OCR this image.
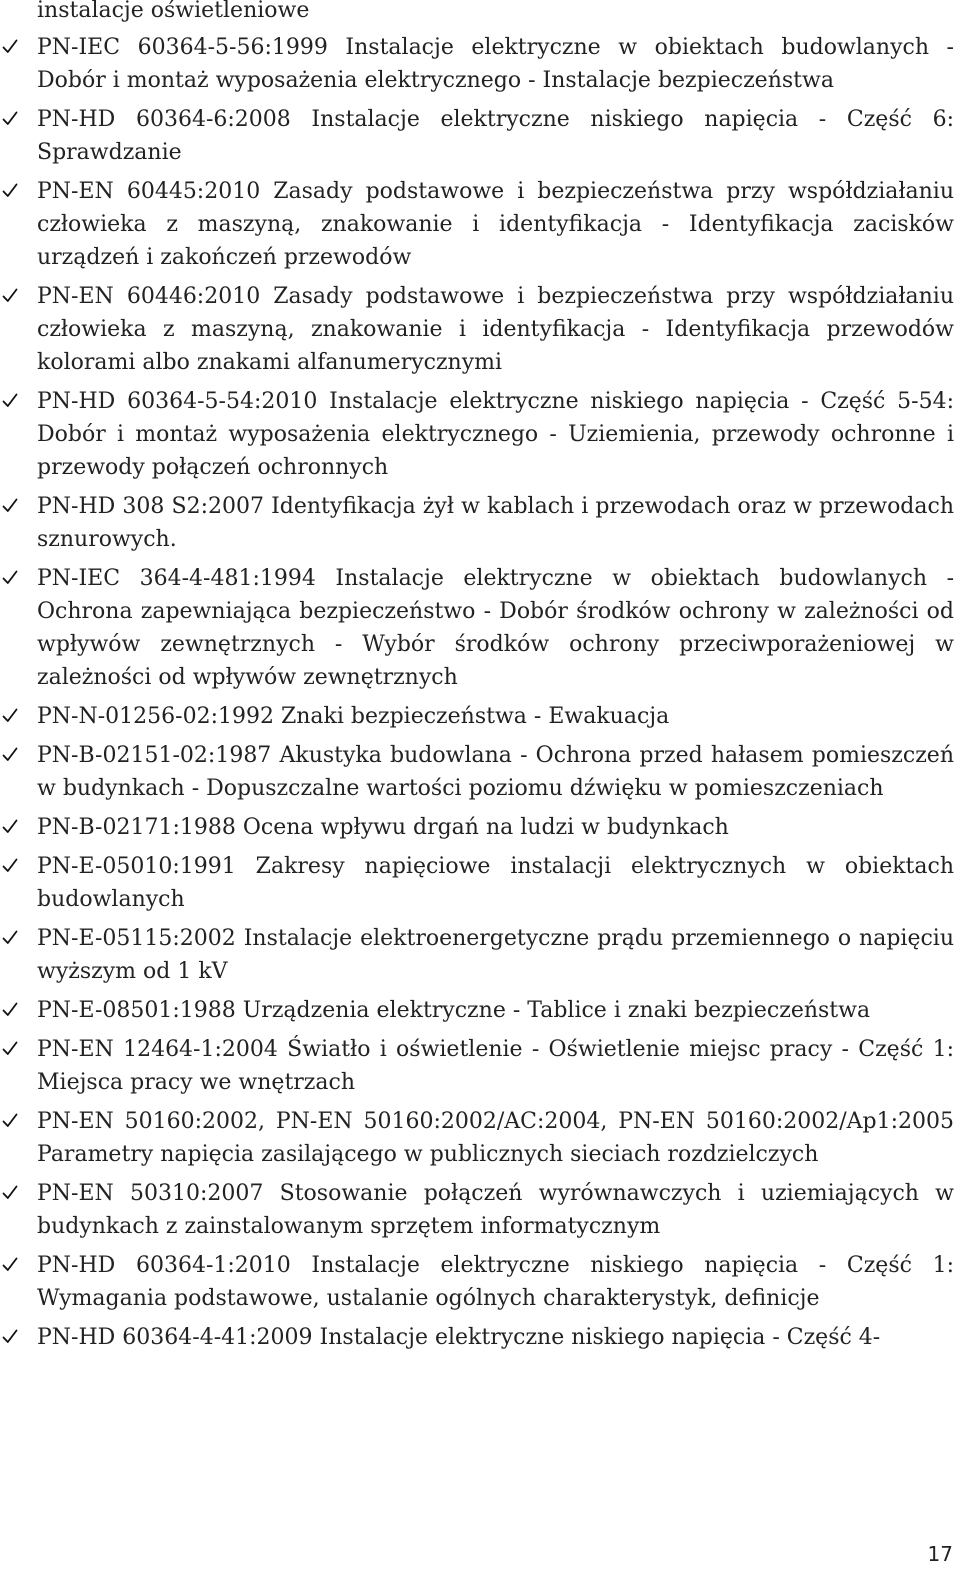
instalacje oświetleniowe
PN-IEC 60364-5-56:1999 Instalacje elektryczne w obiektach budowlanych - Dobór i montaż wyposażenia elektrycznego - Instalacje bezpieczeństwa
PN-HD 60364-6:2008 Instalacje elektryczne niskiego napięcia - Część 6: Sprawdzanie
PN-EN 60445:2010 Zasady podstawowe i bezpieczeństwa przy współdziałaniu człowieka z maszyną, znakowanie i identyfikacja - Identyfikacja zacisków urządzeń i zakończeń przewodów
PN-EN 60446:2010 Zasady podstawowe i bezpieczeństwa przy współdziałaniu człowieka z maszyną, znakowanie i identyfikacja - Identyfikacja przewodów kolorami albo znakami alfanumerycznymi
PN-HD 60364-5-54:2010 Instalacje elektryczne niskiego napięcia - Część 5-54: Dobór i montaż wyposażenia elektrycznego - Uziemienia, przewody ochronne i przewody połączeń ochronnych
PN-HD 308 S2:2007 Identyfikacja żył w kablach i przewodach oraz w przewodach sznurowych.
PN-IEC 364-4-481:1994 Instalacje elektryczne w obiektach budowlanych - Ochrona zapewniająca bezpieczeństwo - Dobór środków ochrony w zależności od wpływów zewnętrznych - Wybór środków ochrony przeciwporażeniowej w zależności od wpływów zewnętrznych
PN-N-01256-02:1992 Znaki bezpieczeństwa - Ewakuacja
PN-B-02151-02:1987 Akustyka budowlana - Ochrona przed hałasem pomieszczeń w budynkach - Dopuszczalne wartości poziomu dźwięku w pomieszczeniach
PN-B-02171:1988 Ocena wpływu drgań na ludzi w budynkach
PN-E-05010:1991 Zakresy napięciowe instalacji elektrycznych w obiektach budowlanych
PN-E-05115:2002 Instalacje elektroenergetyczne prądu przemiennego o napięciu wyższym od 1 kV
PN-E-08501:1988 Urządzenia elektryczne - Tablice i znaki bezpieczeństwa
PN-EN 12464-1:2004 Światło i oświetlenie - Oświetlenie miejsc pracy - Część 1: Miejsca pracy we wnętrzach
PN-EN 50160:2002, PN-EN 50160:2002/AC:2004, PN-EN 50160:2002/Ap1:2005 Parametry napięcia zasilającego w publicznych sieciach rozdzielczych
PN-EN 50310:2007 Stosowanie połączeń wyrównawczych i uziemiających w budynkach z zainstalowanym sprzętem informatycznym
PN-HD 60364-1:2010 Instalacje elektryczne niskiego napięcia - Część 1: Wymagania podstawowe, ustalanie ogólnych charakterystyk, definicje
PN-HD 60364-4-41:2009 Instalacje elektryczne niskiego napięcia - Część 4-
17
